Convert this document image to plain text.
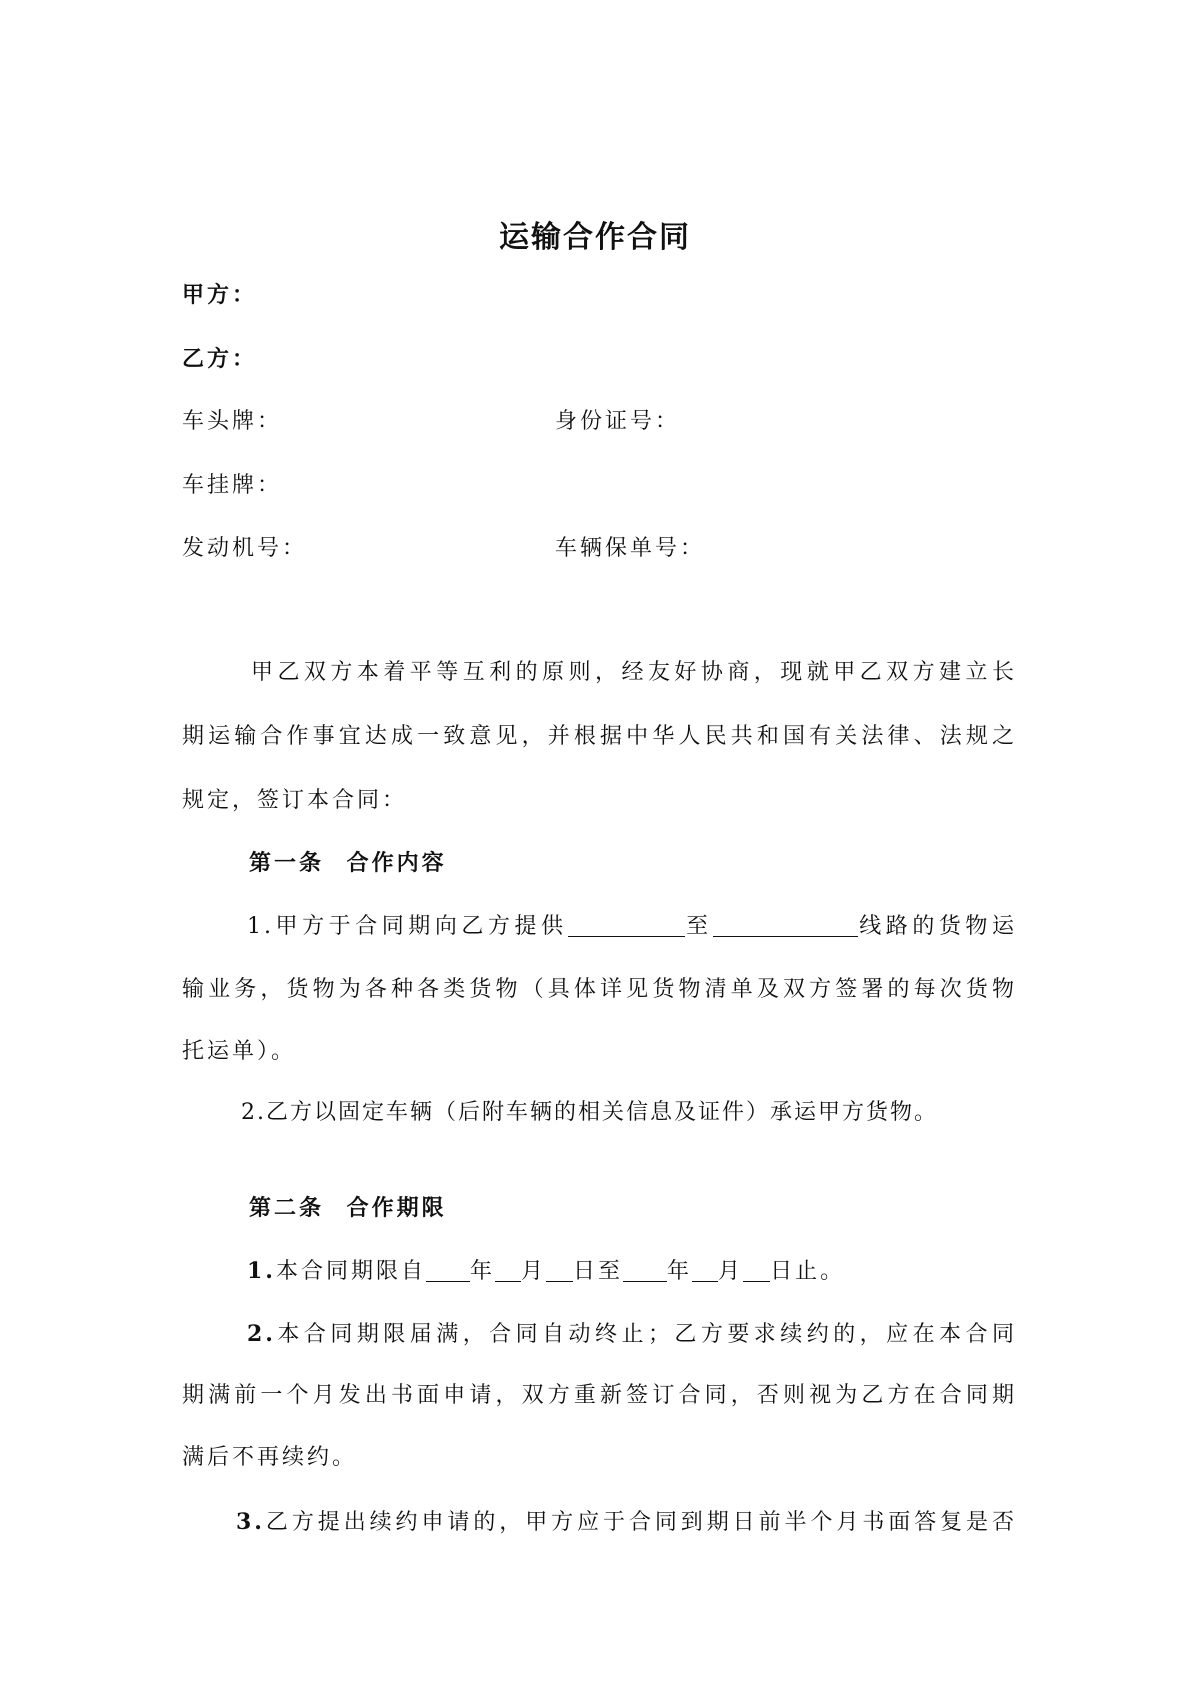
运输合作合同
甲方：
乙方：
车头牌：	身份证号：
车挂牌：
发动机号：	车辆保单号：
甲乙双方本着平等互利的原则，经友好协商，现就甲乙双方建立长
期运输合作事宜达成一致意见，并根据中华人民共和国有关法律、法规之
规定，签订本合同：
第一条 合作内容
1.甲方于合同期向乙方提供	至	线路的货物运
输业务，货物为各种各类货物（具体详见货物清单及双方签署的每次货物
托运单）。
2.乙方以固定车辆（后附车辆的相关信息及证件）承运甲方货物。
第二条 合作期限
1.本合同期限自 年 月 日至 年 月 日止。
2.本合同期限届满，合同自动终止；乙方要求续约的，应在本合同
期满前一个月发出书面申请，双方重新签订合同，否则视为乙方在合同期
满后不再续约。
3.乙方提出续约申请的，甲方应于合同到期日前半个月书面答复是否
